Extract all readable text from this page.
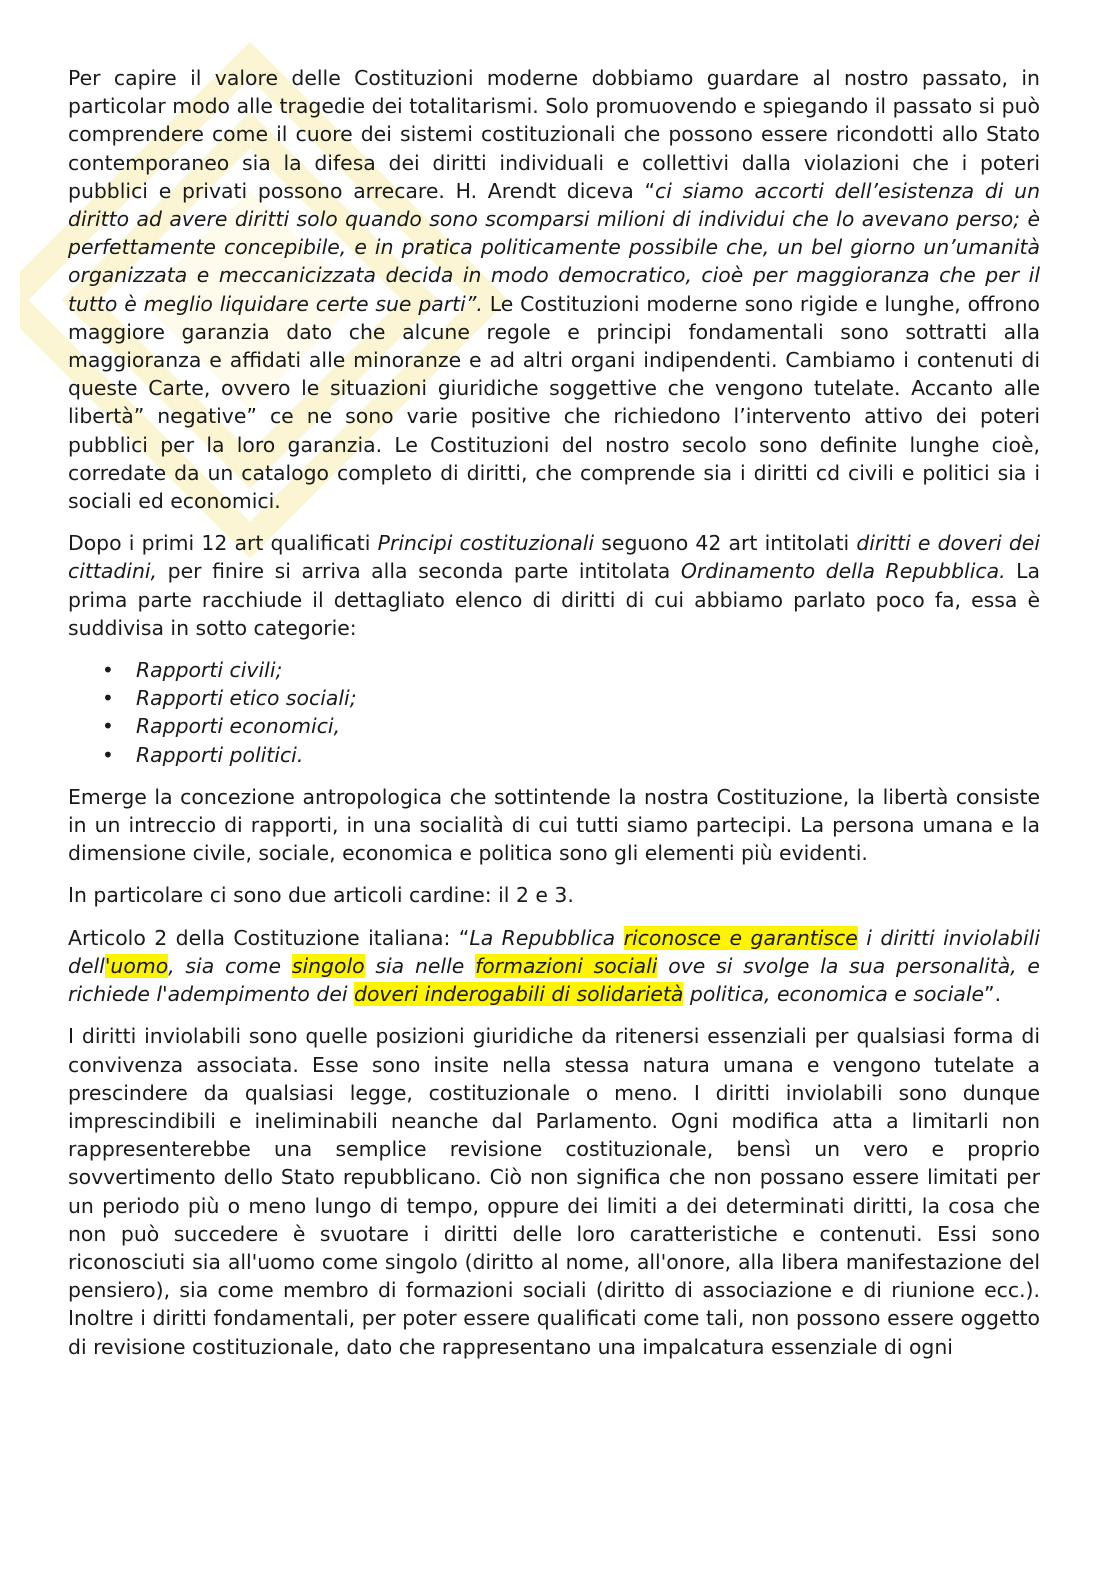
Per capire il valore delle Costituzioni moderne dobbiamo guardare al nostro passato, in particolar modo alle tragedie dei totalitarismi. Solo promuovendo e spiegando il passato si può comprendere come il cuore dei sistemi costituzionali che possono essere ricondotti allo Stato contemporaneo sia la difesa dei diritti individuali e collettivi dalla violazioni che i poteri pubblici e privati possono arrecare. H. Arendt diceva “ci siamo accorti dell’esistenza di un diritto ad avere diritti solo quando sono scomparsi milioni di individui che lo avevano perso; è perfettamente concepibile, e in pratica politicamente possibile che, un bel giorno un’umanità organizzata e meccanicizzata decida in modo democratico, cioè per maggioranza che per il tutto è meglio liquidare certe sue parti”. Le Costituzioni moderne sono rigide e lunghe, offrono maggiore garanzia dato che alcune regole e principi fondamentali sono sottratti alla maggioranza e affidati alle minoranze e ad altri organi indipendenti. Cambiamo i contenuti di queste Carte, ovvero le situazioni giuridiche soggettive che vengono tutelate. Accanto alle libertà” negative” ce ne sono varie positive che richiedono l’intervento attivo dei poteri pubblici per la loro garanzia. Le Costituzioni del nostro secolo sono definite lunghe cioè, corredate da un catalogo completo di diritti, che comprende sia i diritti cd civili e politici sia i sociali ed economici.

Dopo i primi 12 art qualificati Principi costituzionali seguono 42 art intitolati diritti e doveri dei cittadini, per finire si arriva alla seconda parte intitolata Ordinamento della Repubblica. La prima parte racchiude il dettagliato elenco di diritti di cui abbiamo parlato poco fa, essa è suddivisa in sotto categorie:

• Rapporti civili;
• Rapporti etico sociali;
• Rapporti economici,
• Rapporti politici.

Emerge la concezione antropologica che sottintende la nostra Costituzione, la libertà consiste in un intreccio di rapporti, in una socialità di cui tutti siamo partecipi. La persona umana e la dimensione civile, sociale, economica e politica sono gli elementi più evidenti.

In particolare ci sono due articoli cardine: il 2 e 3.

Articolo 2 della Costituzione italiana: “La Repubblica riconosce e garantisce i diritti inviolabili dell'uomo, sia come singolo sia nelle formazioni sociali ove si svolge la sua personalità, e richiede l'adempimento dei doveri inderogabili di solidarietà politica, economica e sociale”.

I diritti inviolabili sono quelle posizioni giuridiche da ritenersi essenziali per qualsiasi forma di convivenza associata. Esse sono insite nella stessa natura umana e vengono tutelate a prescindere da qualsiasi legge, costituzionale o meno. I diritti inviolabili sono dunque imprescindibili e ineliminabili neanche dal Parlamento. Ogni modifica atta a limitarli non rappresenterebbe una semplice revisione costituzionale, bensì un vero e proprio sovvertimento dello Stato repubblicano. Ciò non significa che non possano essere limitati per un periodo più o meno lungo di tempo, oppure dei limiti a dei determinati diritti, la cosa che non può succedere è svuotare i diritti delle loro caratteristiche e contenuti. Essi sono riconosciuti sia all'uomo come singolo (diritto al nome, all'onore, alla libera manifestazione del pensiero), sia come membro di formazioni sociali (diritto di associazione e di riunione ecc.). Inoltre i diritti fondamentali, per poter essere qualificati come tali, non possono essere oggetto di revisione costituzionale, dato che rappresentano una impalcatura essenziale di ogni
